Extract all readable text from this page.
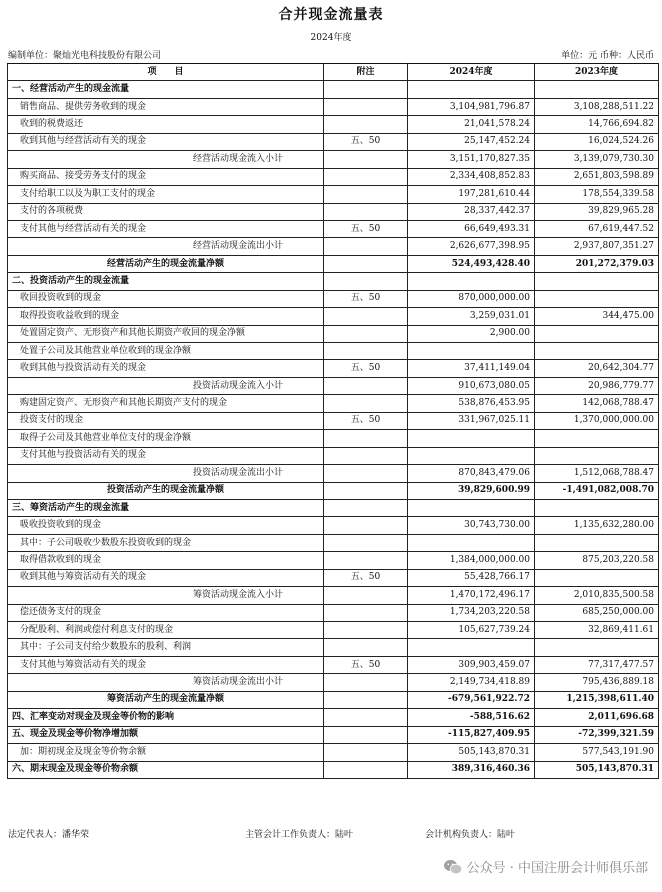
合并现金流量表
2024年度
编制单位：聚灿光电科技股份有限公司	单位：元 币种：人民币
项　　目	附注	2024年度	2023年度
一、经营活动产生的现金流量			
销售商品、提供劳务收到的现金		3,104,981,796.87	3,108,288,511.22
收到的税费返还		21,041,578.24	14,766,694.82
收到其他与经营活动有关的现金	五、50	25,147,452.24	16,024,524.26
经营活动现金流入小计		3,151,170,827.35	3,139,079,730.30
购买商品、接受劳务支付的现金		2,334,408,852.83	2,651,803,598.89
支付给职工以及为职工支付的现金		197,281,610.44	178,554,339.58
支付的各项税费		28,337,442.37	39,829,965.28
支付其他与经营活动有关的现金	五、50	66,649,493.31	67,619,447.52
经营活动现金流出小计		2,626,677,398.95	2,937,807,351.27
经营活动产生的现金流量净额		524,493,428.40	201,272,379.03
二、投资活动产生的现金流量			
收回投资收到的现金	五、50	870,000,000.00	
取得投资收益收到的现金		3,259,031.01	344,475.00
处置固定资产、无形资产和其他长期资产收回的现金净额		2,900.00	
处置子公司及其他营业单位收到的现金净额			
收到其他与投资活动有关的现金	五、50	37,411,149.04	20,642,304.77
投资活动现金流入小计		910,673,080.05	20,986,779.77
购建固定资产、无形资产和其他长期资产支付的现金		538,876,453.95	142,068,788.47
投资支付的现金	五、50	331,967,025.11	1,370,000,000.00
取得子公司及其他营业单位支付的现金净额			
支付其他与投资活动有关的现金			
投资活动现金流出小计		870,843,479.06	1,512,068,788.47
投资活动产生的现金流量净额		39,829,600.99	-1,491,082,008.70
三、筹资活动产生的现金流量			
吸收投资收到的现金		30,743,730.00	1,135,632,280.00
其中：子公司吸收少数股东投资收到的现金			
取得借款收到的现金		1,384,000,000.00	875,203,220.58
收到其他与筹资活动有关的现金	五、50	55,428,766.17	
筹资活动现金流入小计		1,470,172,496.17	2,010,835,500.58
偿还债务支付的现金		1,734,203,220.58	685,250,000.00
分配股利、利润或偿付利息支付的现金		105,627,739.24	32,869,411.61
其中：子公司支付给少数股东的股利、利润			
支付其他与筹资活动有关的现金	五、50	309,903,459.07	77,317,477.57
筹资活动现金流出小计		2,149,734,418.89	795,436,889.18
筹资活动产生的现金流量净额		-679,561,922.72	1,215,398,611.40
四、汇率变动对现金及现金等价物的影响		-588,516.62	2,011,696.68
五、现金及现金等价物净增加额		-115,827,409.95	-72,399,321.59
加：期初现金及现金等价物余额		505,143,870.31	577,543,191.90
六、期末现金及现金等价物余额		389,316,460.36	505,143,870.31
法定代表人：潘华荣	主管会计工作负责人：陆叶	会计机构负责人：陆叶
公众号 · 中国注册会计师俱乐部
